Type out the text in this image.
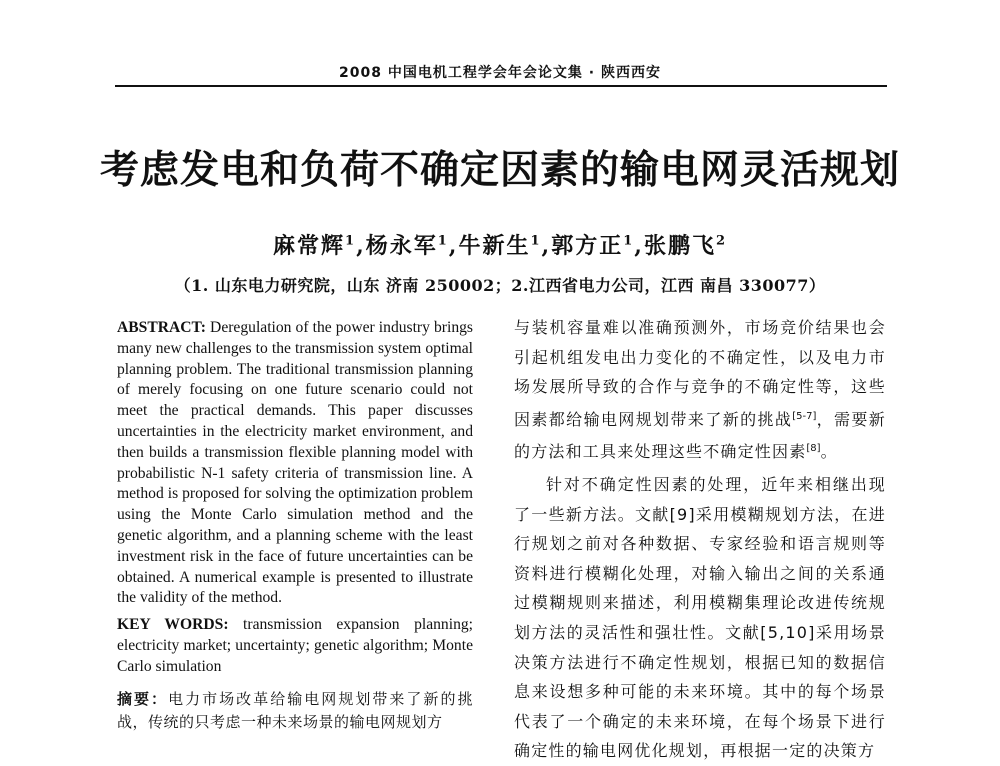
2008 中国电机工程学会年会论文集 · 陕西西安
考虑发电和负荷不确定因素的输电网灵活规划
麻常辉$^1$,杨永军$^1$,牛新生$^1$,郭方正$^1$,张鹏飞$^2$
（1. 山东电力研究院，山东 济南 250002；2.江西省电力公司，江西 南昌 330077）

ABSTRACT: Deregulation of the power industry brings many new challenges to the transmission system optimal planning problem. The traditional transmission planning of merely focusing on one future scenario could not meet the practical demands. This paper discusses uncertainties in the electricity market environment, and then builds a transmission flexible planning model with probabilistic N-1 safety criteria of transmission line. A method is proposed for solving the optimization problem using the Monte Carlo simulation method and the genetic algorithm, and a planning scheme with the least investment risk in the face of future uncertainties can be obtained. A numerical example is presented to illustrate the validity of the method.

KEY WORDS: transmission expansion planning; electricity market; uncertainty; genetic algorithm; Monte Carlo simulation

摘要：电力市场改革给输电网规划带来了新的挑战，传统的只考虑一种未来场景的输电网规划方

与装机容量难以准确预测外，市场竞价结果也会引起机组发电出力变化的不确定性，以及电力市场发展所导致的合作与竞争的不确定性等，这些因素都给输电网规划带来了新的挑战[5-7]，需要新的方法和工具来处理这些不确定性因素[8]。

针对不确定性因素的处理，近年来相继出现了一些新方法。文献[9]采用模糊规划方法，在进行规划之前对各种数据、专家经验和语言规则等资料进行模糊化处理，对输入输出之间的关系通过模糊规则来描述，利用模糊集理论改进传统规划方法的灵活性和强壮性。文献[5,10]采用场景决策方法进行不确定性规划，根据已知的数据信息来设想多种可能的未来环境。其中的每个场景代表了一个确定的未来环境，在每个场景下进行确定性的输电网优化规划，再根据一定的决策方
